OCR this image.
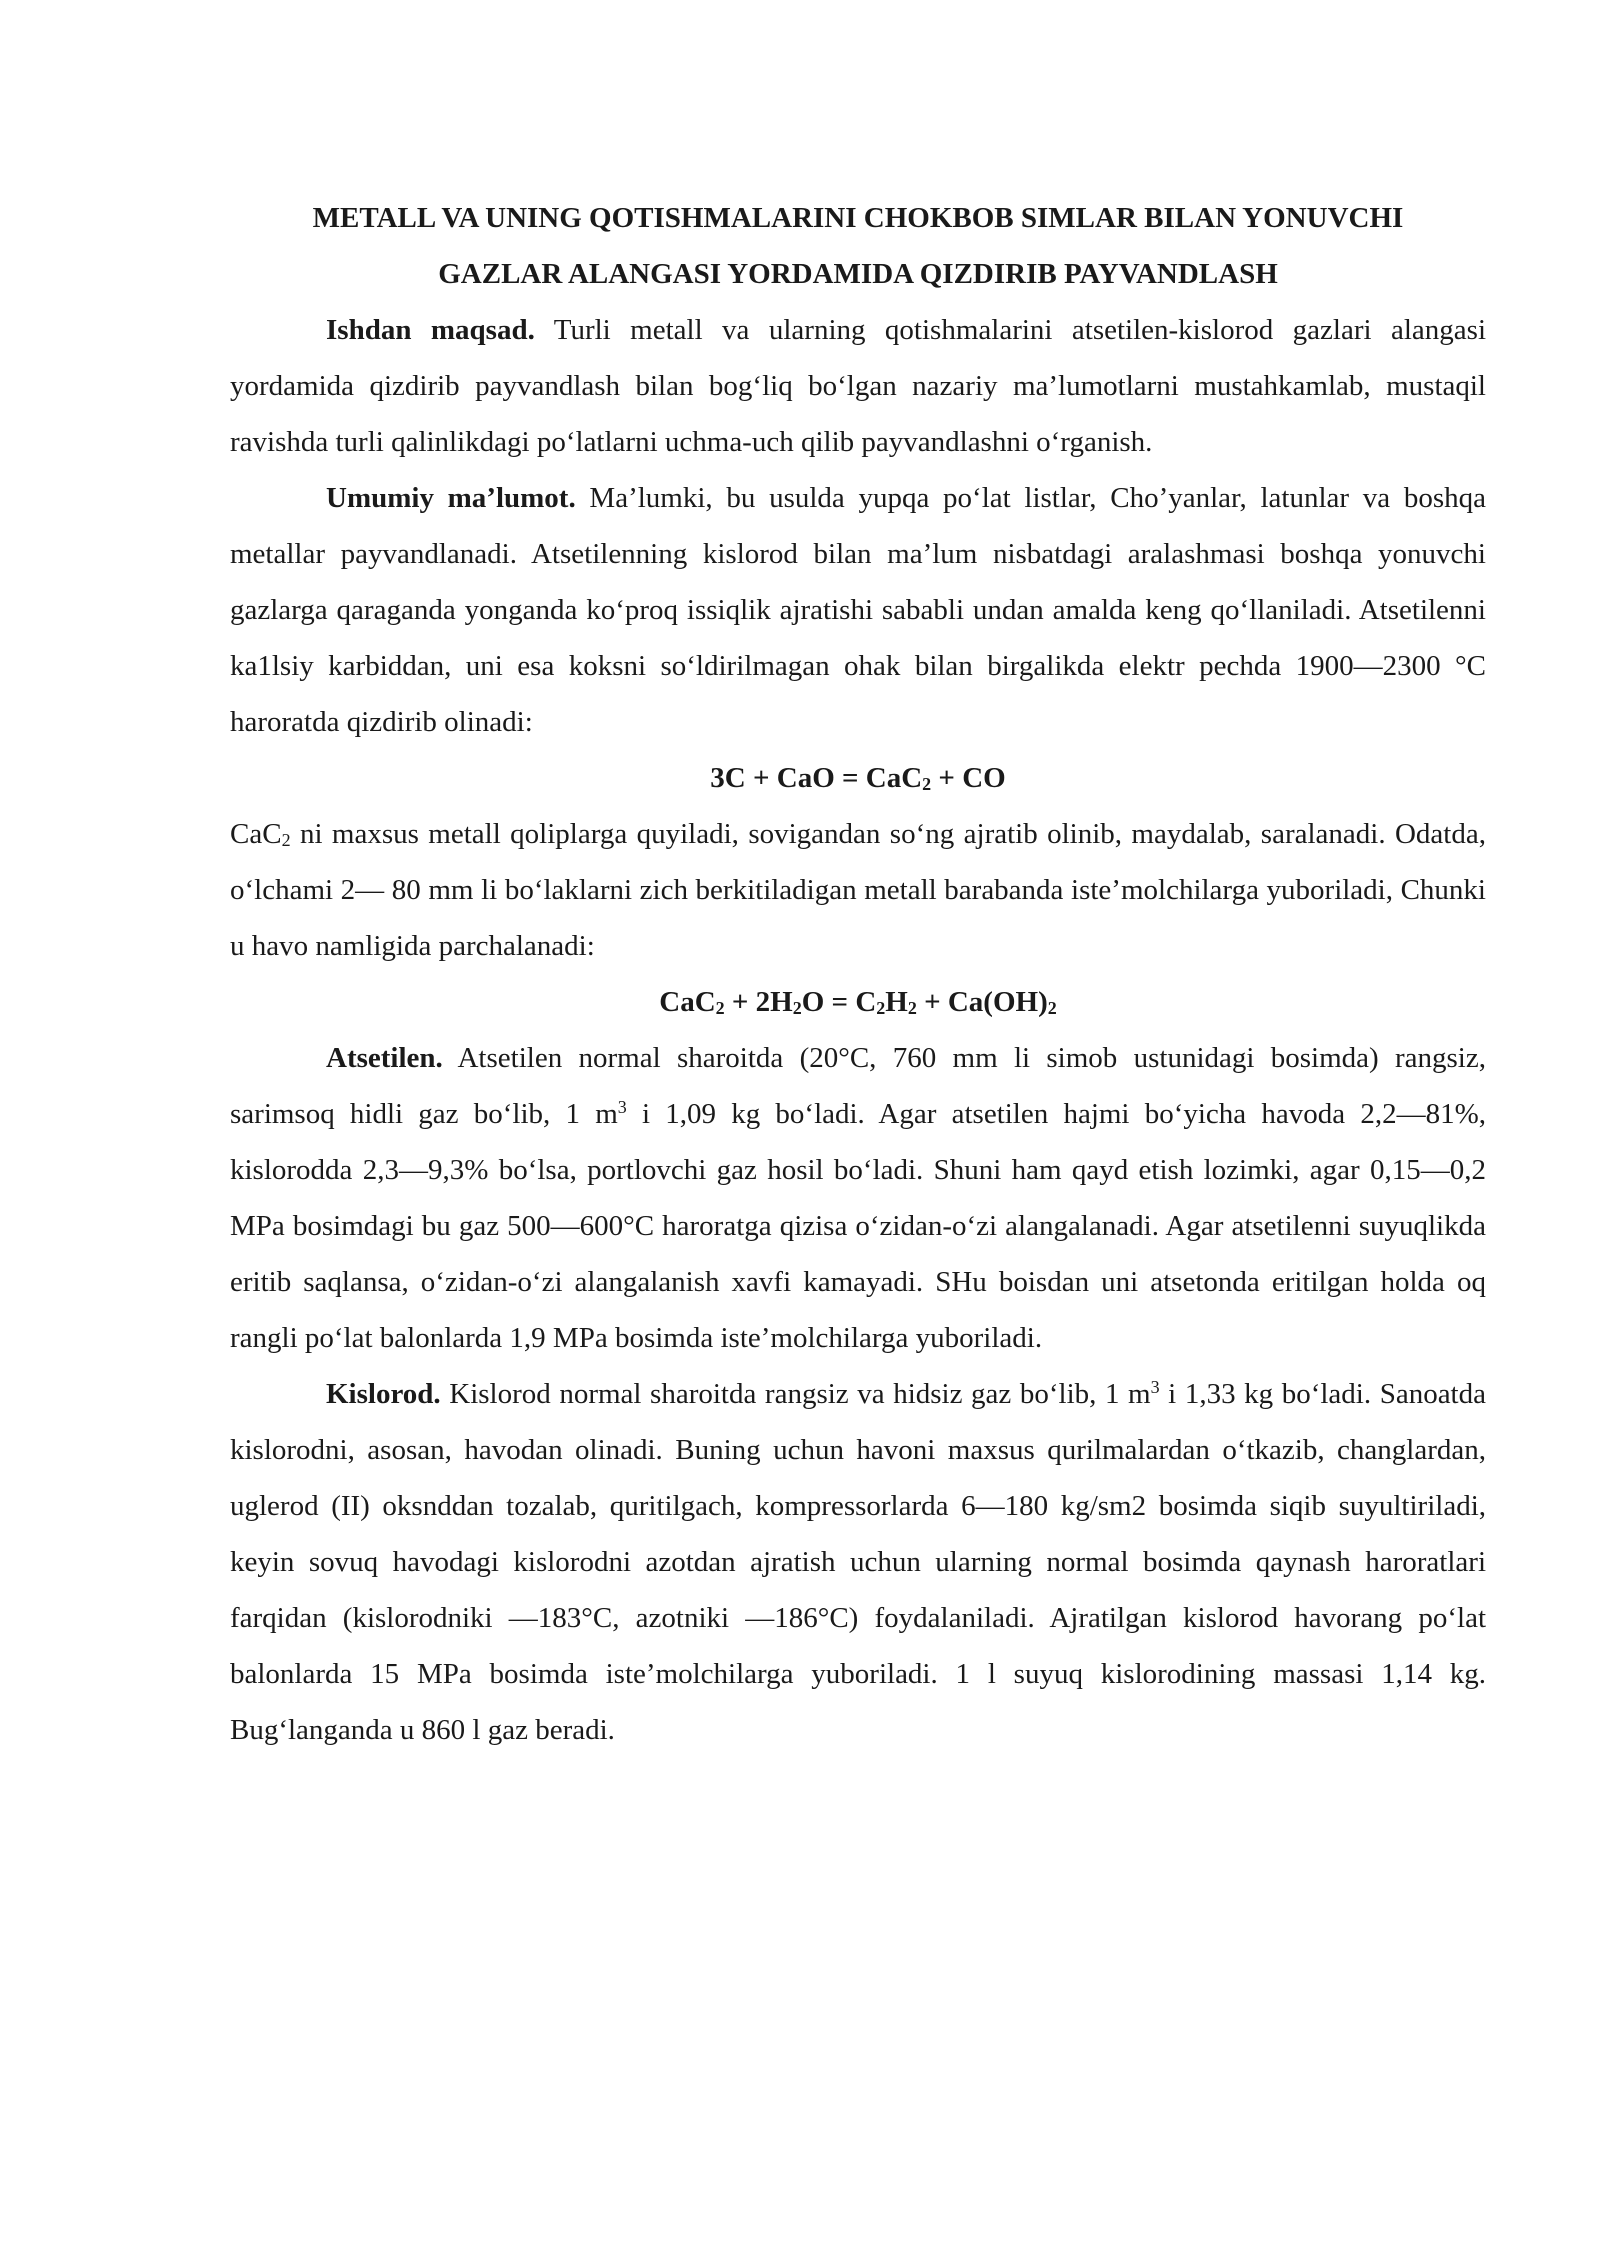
METALL VA UNING QOTISHMALARINI CHOKBOB SIMLAR BILAN YONUVCHI
GAZLAR ALANGASI YORDAMIDA QIZDIRIB PAYVANDLASH

Ishdan maqsad. Turli metall va ularning qotishmalarini atsetilen-kislorod gazlari alangasi yordamida qizdirib payvandlash bilan bog‘liq bo‘lgan nazariy ma’lumotlarni mustahkamlab, mustaqil ravishda turli qalinlikdagi po‘latlarni uchma-uch qilib payvandlashni o‘rganish.

Umumiy ma’lumot. Ma’lumki, bu usulda yupqa po‘lat listlar, Cho’yanlar, latunlar va boshqa metallar payvandlanadi. Atsetilenning kislorod bilan ma’lum nisbatdagi aralashmasi boshqa yonuvchi gazlarga qaraganda yonganda ko‘proq issiqlik ajratishi sababli undan amalda keng qo‘llaniladi. Atsetilenni ka1lsiy karbiddan, uni esa koksni so‘ldirilmagan ohak bilan birgalikda elektr pechda 1900—2300 °C haroratda qizdirib olinadi:

3C + CaO = CaC$_2$ + CO

CaC$_2$ ni maxsus metall qoliplarga quyiladi, sovigandan so‘ng ajratib olinib, maydalab, saralanadi. Odatda, o‘lchami 2— 80 mm li bo‘laklarni zich berkitiladigan metall barabanda iste’molchilarga yuboriladi, Chunki u havo namligida parchalanadi:

$CaC_2 + 2H_2O = C_2H_2 + Ca(OH)_2$

Atsetilen. Atsetilen normal sharoitda (20°C, 760 mm li simob ustunidagi bosimda) rangsiz, sarimsoq hidli gaz bo‘lib, 1 $m^3$ i 1,09 kg bo‘ladi. Agar atsetilen hajmi bo‘yicha havoda 2,2—81%, kislorodda 2,3—9,3% bo‘lsa, portlovchi gaz hosil bo‘ladi. Shuni ham qayd etish lozimki, agar 0,15—0,2 MPa bosimdagi bu gaz 500—600°C haroratga qizisa o‘zidan-o‘zi alangalanadi. Agar atsetilenni suyuqlikda eritib saqlansa, o‘zidan-o‘zi alangalanish xavfi kamayadi. SHu boisdan uni atsetonda eritilgan holda oq rangli po‘lat balonlarda 1,9 MPa bosimda iste’molchilarga yuboriladi.

Kislorod. Kislorod normal sharoitda rangsiz va hidsiz gaz bo‘lib, 1 $m^3$ i 1,33 kg bo‘ladi. Sanoatda kislorodni, asosan, havodan olinadi. Buning uchun havoni maxsus qurilmalardan o‘tkazib, changlardan, uglerod (II) oksnddan tozalab, quritilgach, kompressorlarda 6—180 kg/sm2 bosimda siqib suyultiriladi, keyin sovuq havodagi kislorodni azotdan ajratish uchun ularning normal bosimda qaynash haroratlari farqidan (kislorodniki —183°C, azotniki —186°C) foydalaniladi. Ajratilgan kislorod havorang po‘lat balonlarda 15 MPa bosimda iste’molchilarga yuboriladi. 1 l suyuq kislorodining massasi 1,14 kg. Bug‘langanda u 860 l gaz beradi.
